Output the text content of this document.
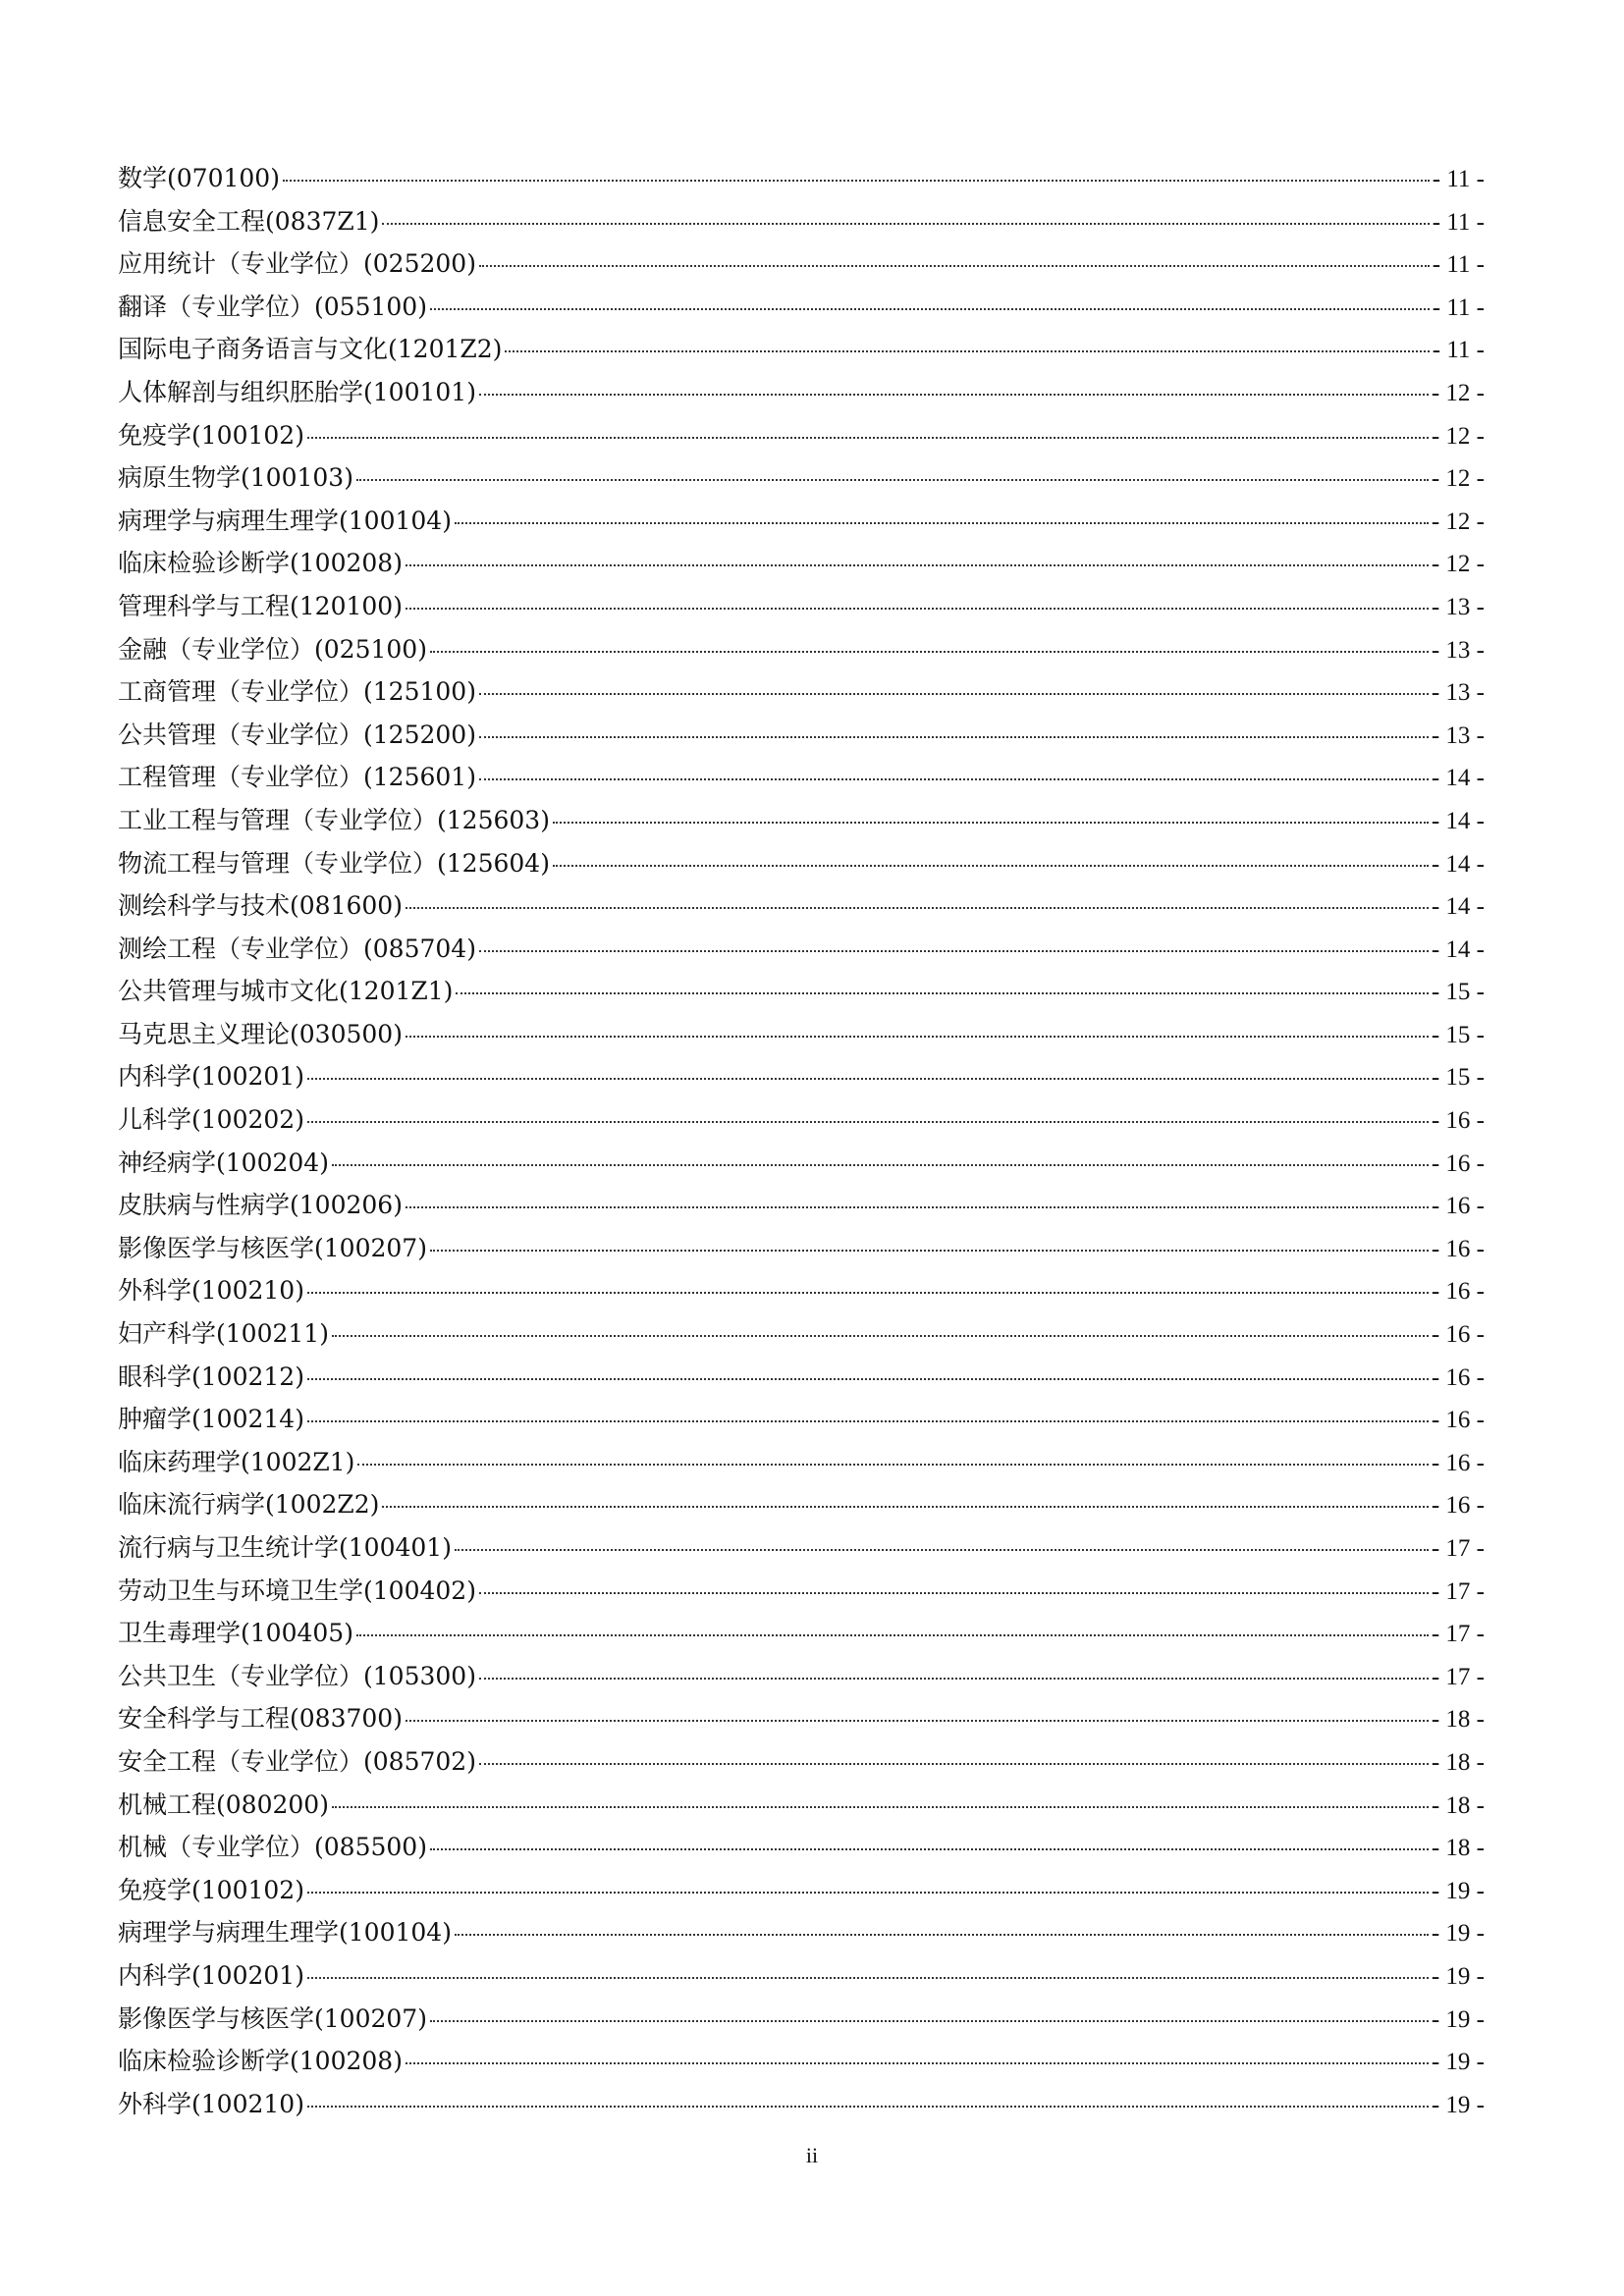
数学(070100)	- 11 -
信息安全工程(0837Z1)	- 11 -
应用统计（专业学位）(025200)	- 11 -
翻译（专业学位）(055100)	- 11 -
国际电子商务语言与文化(1201Z2)	- 11 -
人体解剖与组织胚胎学(100101)	- 12 -
免疫学(100102)	- 12 -
病原生物学(100103)	- 12 -
病理学与病理生理学(100104)	- 12 -
临床检验诊断学(100208)	- 12 -
管理科学与工程(120100)	- 13 -
金融（专业学位）(025100)	- 13 -
工商管理（专业学位）(125100)	- 13 -
公共管理（专业学位）(125200)	- 13 -
工程管理（专业学位）(125601)	- 14 -
工业工程与管理（专业学位）(125603)	- 14 -
物流工程与管理（专业学位）(125604)	- 14 -
测绘科学与技术(081600)	- 14 -
测绘工程（专业学位）(085704)	- 14 -
公共管理与城市文化(1201Z1)	- 15 -
马克思主义理论(030500)	- 15 -
内科学(100201)	- 15 -
儿科学(100202)	- 16 -
神经病学(100204)	- 16 -
皮肤病与性病学(100206)	- 16 -
影像医学与核医学(100207)	- 16 -
外科学(100210)	- 16 -
妇产科学(100211)	- 16 -
眼科学(100212)	- 16 -
肿瘤学(100214)	- 16 -
临床药理学(1002Z1)	- 16 -
临床流行病学(1002Z2)	- 16 -
流行病与卫生统计学(100401)	- 17 -
劳动卫生与环境卫生学(100402)	- 17 -
卫生毒理学(100405)	- 17 -
公共卫生（专业学位）(105300)	- 17 -
安全科学与工程(083700)	- 18 -
安全工程（专业学位）(085702)	- 18 -
机械工程(080200)	- 18 -
机械（专业学位）(085500)	- 18 -
免疫学(100102)	- 19 -
病理学与病理生理学(100104)	- 19 -
内科学(100201)	- 19 -
影像医学与核医学(100207)	- 19 -
临床检验诊断学(100208)	- 19 -
外科学(100210)	- 19 -
ii
